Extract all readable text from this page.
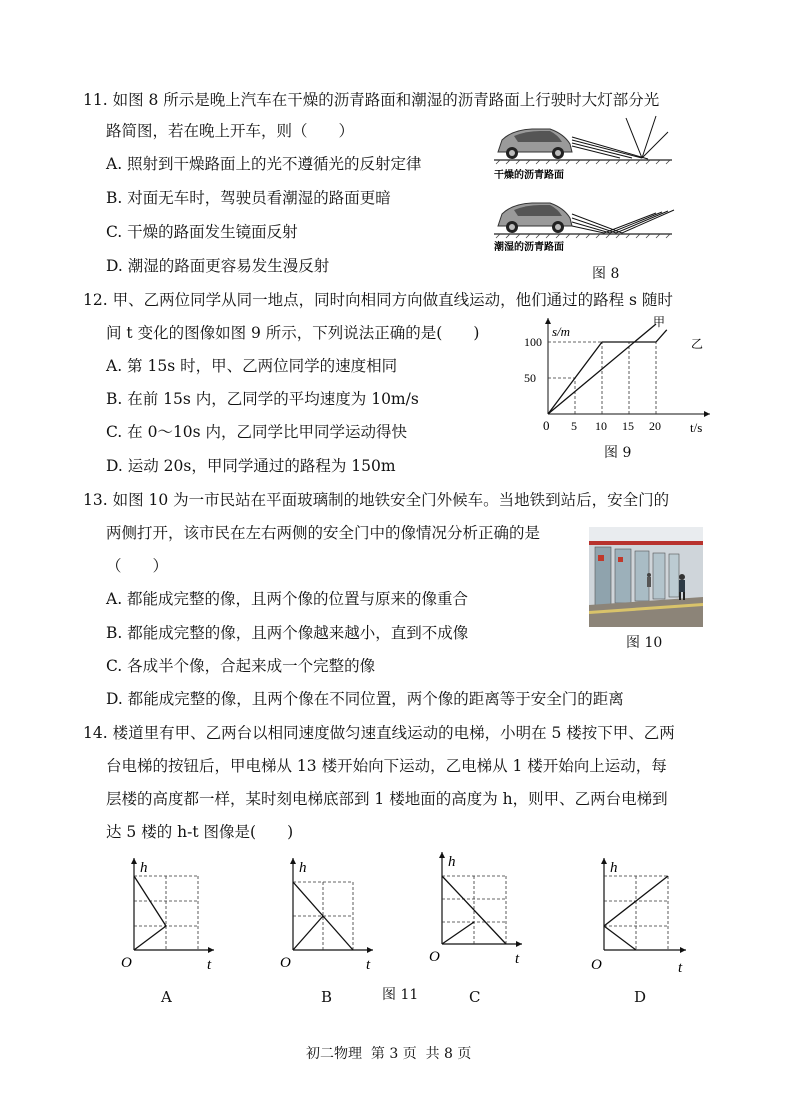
11. 如图 8 所示是晚上汽车在干燥的沥青路面和潮湿的沥青路面上行驶时大灯部分光
路简图，若在晚上开车，则（　　）
A. 照射到干燥路面上的光不遵循光的反射定律
B. 对面无车时，驾驶员看潮湿的路面更暗
C. 干燥的路面发生镜面反射
D. 潮湿的路面更容易发生漫反射
干燥的沥青路面
潮湿的沥青路面
图 8
12. 甲、乙两位同学从同一地点，同时向相同方向做直线运动，他们通过的路程 s 随时
间 t 变化的图像如图 9 所示，下列说法正确的是(　　)
A. 第 15s 时，甲、乙两位同学的速度相同
B. 在前 15s 内，乙同学的平均速度为 10m/s
C. 在 0～10s 内，乙同学比甲同学运动得快
D. 运动 20s，甲同学通过的路程为 150m
100
50
5 10 15 20
s/m
t/s
0
甲
乙
图 9
13. 如图 10 为一市民站在平面玻璃制的地铁安全门外候车。当地铁到站后，安全门的
两侧打开，该市民在左右两侧的安全门中的像情况分析正确的是
（　　）
A. 都能成完整的像，且两个像的位置与原来的像重合
B. 都能成完整的像，且两个像越来越小，直到不成像
C. 各成半个像，合起来成一个完整的像
D. 都能成完整的像，且两个像在不同位置，两个像的距离等于安全门的距离
图 10
14. 楼道里有甲、乙两台以相同速度做匀速直线运动的电梯，小明在 5 楼按下甲、乙两
台电梯的按钮后，甲电梯从 13 楼开始向下运动，乙电梯从 1 楼开始向上运动，每
层楼的高度都一样，某时刻电梯底部到 1 楼地面的高度为 h，则甲、乙两台电梯到
达 5 楼的 h-t 图像是(　　)
h
O	t
h
O	t
h
O	t
h
O	t
A	B	图 11	C	D
初二物理  第 3 页  共 8 页
